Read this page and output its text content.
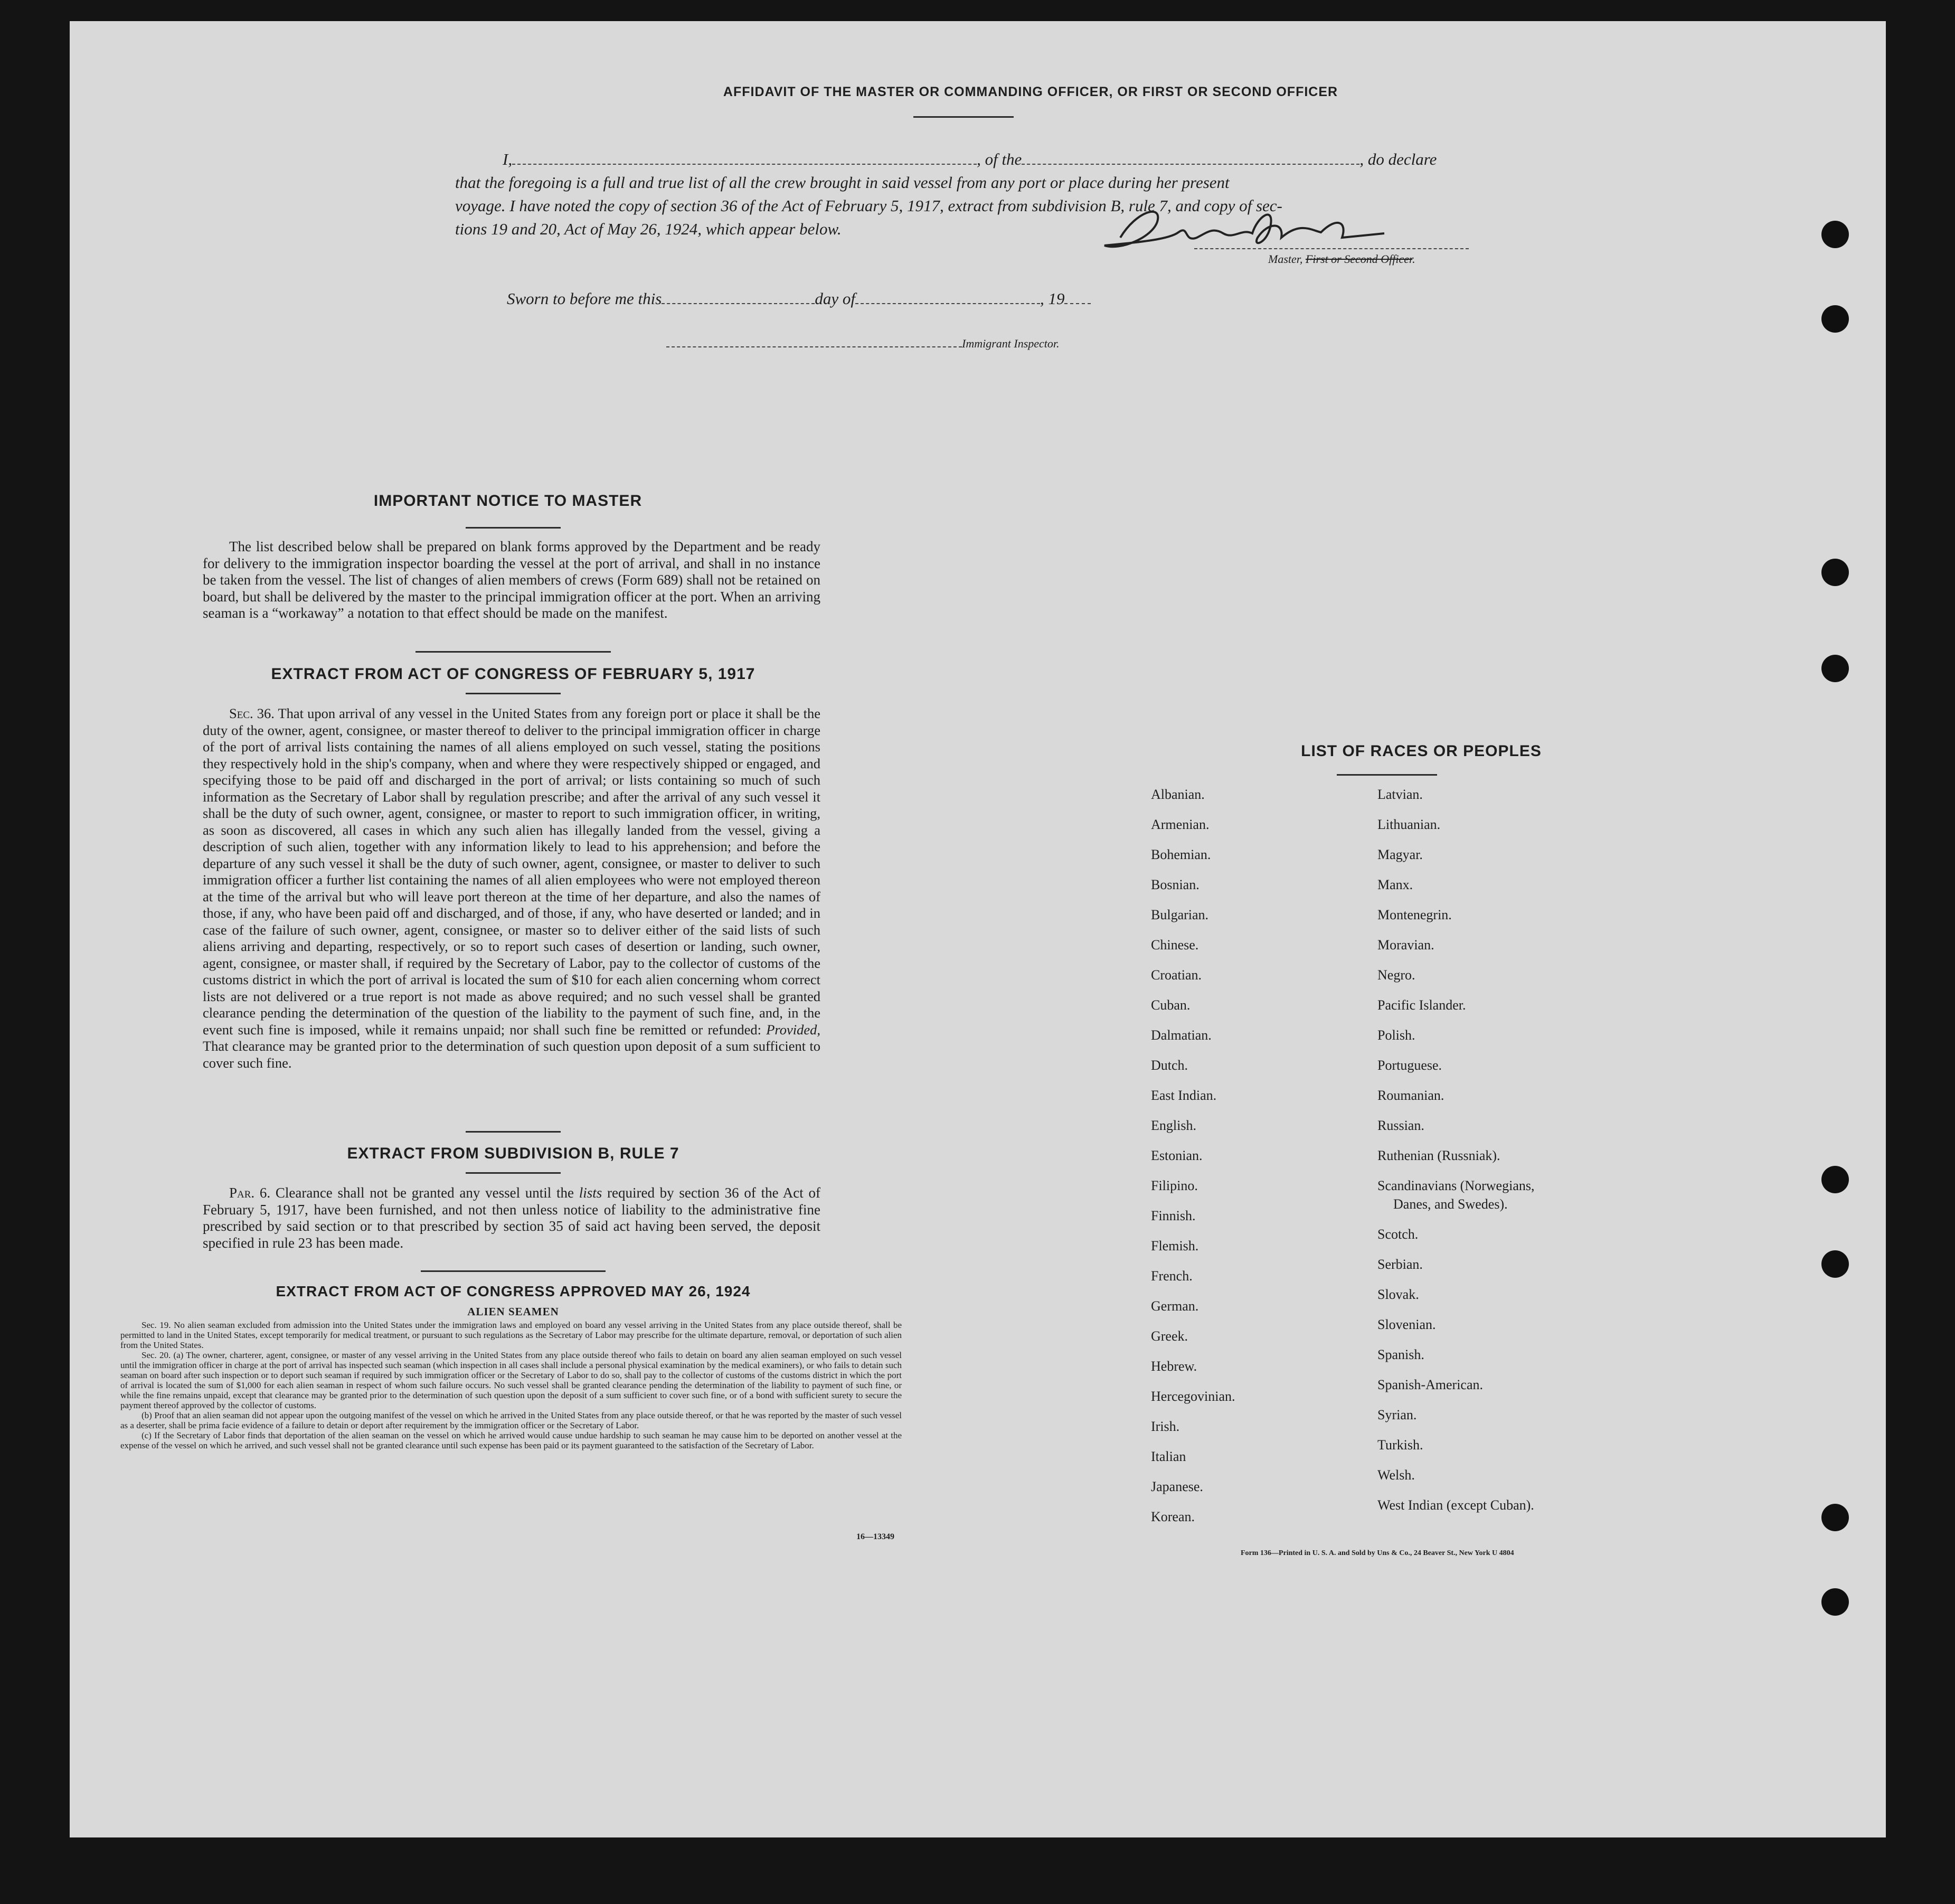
AFFIDAVIT OF THE MASTER OR COMMANDING OFFICER, OR FIRST OR SECOND OFFICER
I,	, of the	, do declare
that the foregoing is a full and true list of all the crew brought in said vessel from any port or place during her present
voyage. I have noted the copy of section 36 of the Act of February 5, 1917, extract from subdivision B, rule 7, and copy of sec-
tions 19 and 20, Act of May 26, 1924, which appear below.
Master, First or Second Officer.
Sworn to before me this	day of	, 19
Immigrant Inspector.
IMPORTANT NOTICE TO MASTER
The list described below shall be prepared on blank forms approved by the Department and be ready for delivery to the immigration inspector boarding the vessel at the port of arrival, and shall in no instance be taken from the vessel. The list of changes of alien members of crews (Form 689) shall not be retained on board, but shall be delivered by the master to the principal immigration officer at the port. When an arriving seaman is a “workaway” a notation to that effect should be made on the manifest.
EXTRACT FROM ACT OF CONGRESS OF FEBRUARY 5, 1917
Sec. 36. That upon arrival of any vessel in the United States from any foreign port or place it shall be the duty of the owner, agent, consignee, or master thereof to deliver to the principal immigration officer in charge of the port of arrival lists containing the names of all aliens employed on such vessel, stating the positions they respectively hold in the ship's company, when and where they were respectively shipped or engaged, and specifying those to be paid off and discharged in the port of arrival; or lists containing so much of such information as the Secretary of Labor shall by regulation prescribe; and after the arrival of any such vessel it shall be the duty of such owner, agent, consignee, or master to report to such immigration officer, in writing, as soon as discovered, all cases in which any such alien has illegally landed from the vessel, giving a description of such alien, together with any information likely to lead to his apprehension; and before the departure of any such vessel it shall be the duty of such owner, agent, consignee, or master to deliver to such immigration officer a further list containing the names of all alien employees who were not employed thereon at the time of the arrival but who will leave port thereon at the time of her departure, and also the names of those, if any, who have been paid off and discharged, and of those, if any, who have deserted or landed; and in case of the failure of such owner, agent, consignee, or master so to deliver either of the said lists of such aliens arriving and departing, respectively, or so to report such cases of desertion or landing, such owner, agent, consignee, or master shall, if required by the Secretary of Labor, pay to the collector of customs of the customs district in which the port of arrival is located the sum of $10 for each alien concerning whom correct lists are not delivered or a true report is not made as above required; and no such vessel shall be granted clearance pending the determination of the question of the liability to the payment of such fine, and, in the event such fine is imposed, while it remains unpaid; nor shall such fine be remitted or refunded: Provided, That clearance may be granted prior to the determination of such question upon deposit of a sum sufficient to cover such fine.
EXTRACT FROM SUBDIVISION B, RULE 7
Par. 6. Clearance shall not be granted any vessel until the lists required by section 36 of the Act of February 5, 1917, have been furnished, and not then unless notice of liability to the administrative fine prescribed by said section or to that prescribed by section 35 of said act having been served, the deposit specified in rule 23 has been made.
EXTRACT FROM ACT OF CONGRESS APPROVED MAY 26, 1924
ALIEN SEAMEN
Sec. 19. No alien seaman excluded from admission into the United States under the immigration laws and employed on board any vessel arriving in the United States from any place outside thereof, shall be permitted to land in the United States, except temporarily for medical treatment, or pursuant to such regulations as the Secretary of Labor may prescribe for the ultimate departure, removal, or deportation of such alien from the United States.
Sec. 20. (a) The owner, charterer, agent, consignee, or master of any vessel arriving in the United States from any place outside thereof who fails to detain on board any alien seaman employed on such vessel until the immigration officer in charge at the port of arrival has inspected such seaman (which inspection in all cases shall include a personal physical examination by the medical examiners), or who fails to detain such seaman on board after such inspection or to deport such seaman if required by such immigration officer or the Secretary of Labor to do so, shall pay to the collector of customs of the customs district in which the port of arrival is located the sum of $1,000 for each alien seaman in respect of whom such failure occurs. No such vessel shall be granted clearance pending the determination of the liability to payment of such fine, or while the fine remains unpaid, except that clearance may be granted prior to the determination of such question upon the deposit of a sum sufficient to cover such fine, or of a bond with sufficient surety to secure the payment thereof approved by the collector of customs.
(b) Proof that an alien seaman did not appear upon the outgoing manifest of the vessel on which he arrived in the United States from any place outside thereof, or that he was reported by the master of such vessel as a deserter, shall be prima facie evidence of a failure to detain or deport after requirement by the immigration officer or the Secretary of Labor.
(c) If the Secretary of Labor finds that deportation of the alien seaman on the vessel on which he arrived would cause undue hardship to such seaman he may cause him to be deported on another vessel at the expense of the vessel on which he arrived, and such vessel shall not be granted clearance until such expense has been paid or its payment guaranteed to the satisfaction of the Secretary of Labor.
16—13349
LIST OF RACES OR PEOPLES
Albanian.
Armenian.
Bohemian.
Bosnian.
Bulgarian.
Chinese.
Croatian.
Cuban.
Dalmatian.
Dutch.
East Indian.
English.
Estonian.
Filipino.
Finnish.
Flemish.
French.
German.
Greek.
Hebrew.
Hercegovinian.
Irish.
Italian
Japanese.
Korean.
Latvian.
Lithuanian.
Magyar.
Manx.
Montenegrin.
Moravian.
Negro.
Pacific Islander.
Polish.
Portuguese.
Roumanian.
Russian.
Ruthenian (Russniak).
Scandinavians (Norwegians,
Danes, and Swedes).
Scotch.
Serbian.
Slovak.
Slovenian.
Spanish.
Spanish-American.
Syrian.
Turkish.
Welsh.
West Indian (except Cuban).
Form 136—Printed in U. S. A. and Sold by Uns & Co., 24 Beaver St., New York U 4804
